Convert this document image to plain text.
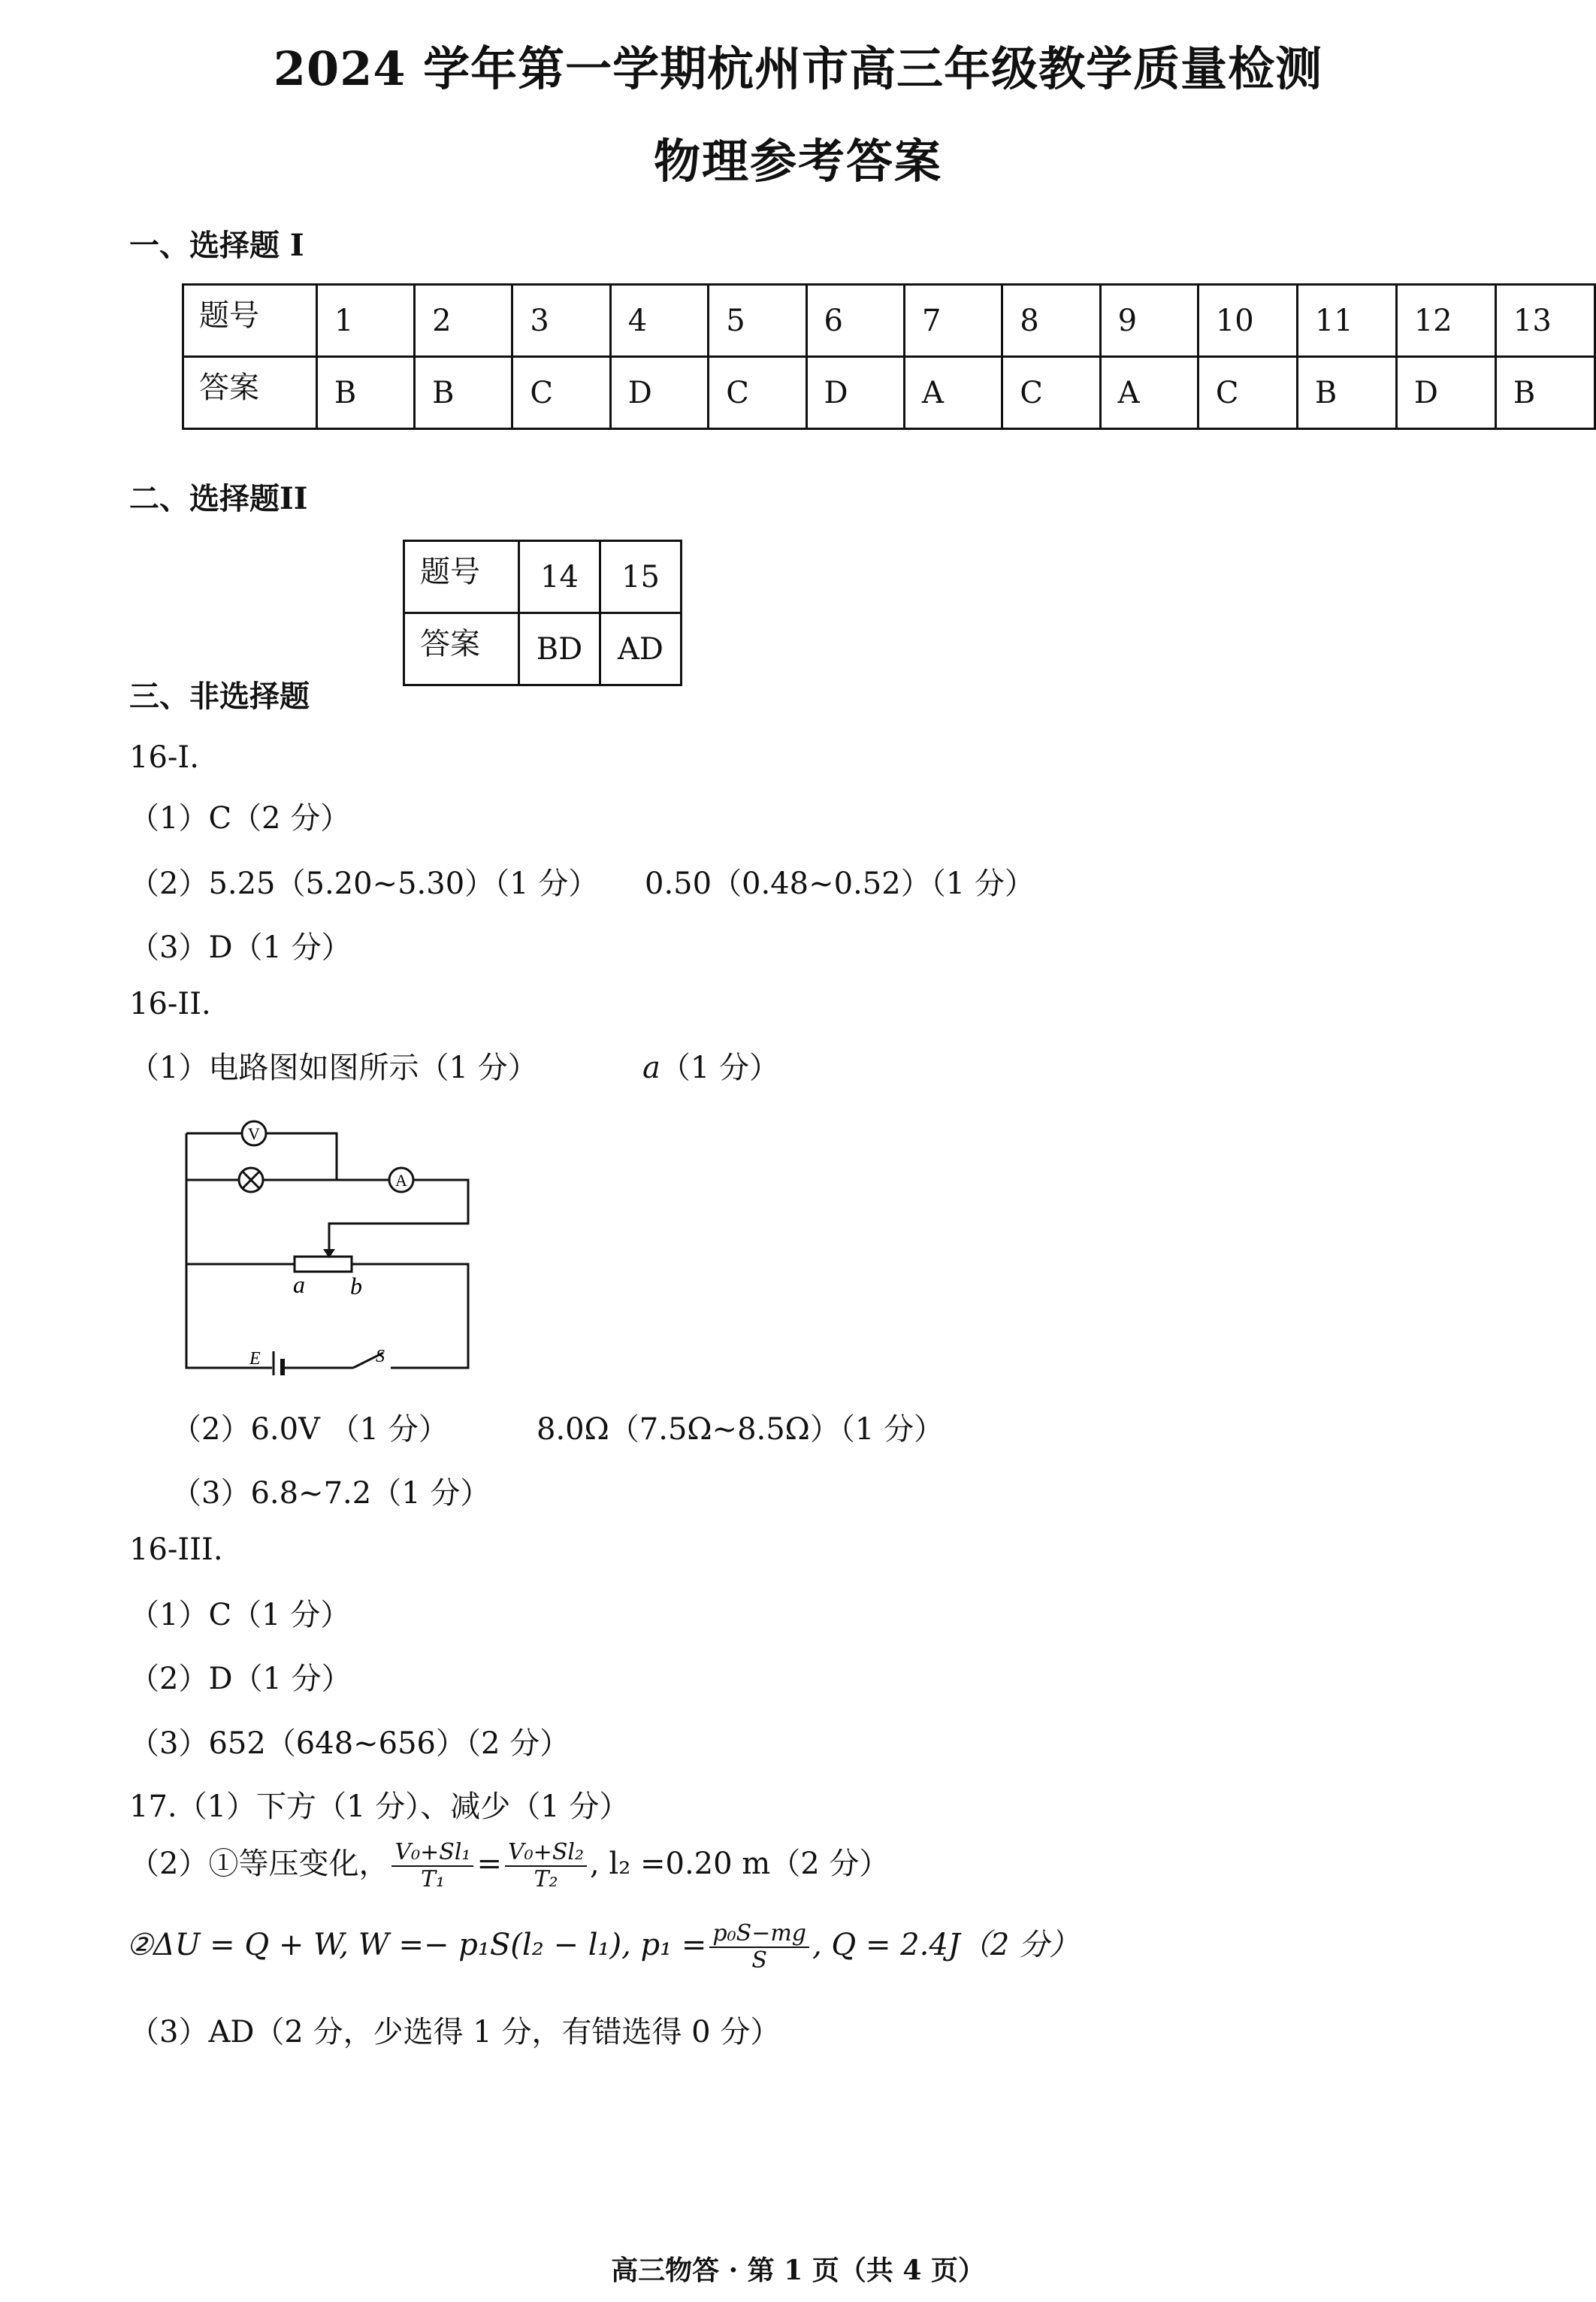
2024 学年第一学期杭州市高三年级教学质量检测
物理参考答案
一、选择题 I
题号	1	2	3	4	5	6	7	8	9	10	11	12	13
答案	B	B	C	D	C	D	A	C	A	C	B	D	B
二、选择题II
题号	14	15
答案	BD	AD
三、非选择题
16-I.
（1）C（2 分）
（2）5.25（5.20~5.30）（1 分） 0.50（0.48~0.52）（1 分）
（3）D（1 分）
16-II.
（1）电路图如图所示（1 分）	a（1 分）
V
A
a b
E	S
（2）6.0V （1 分）	8.0Ω（7.5Ω~8.5Ω）（1 分）
（3）6.8~7.2（1 分）
16-III.
（1）C（1 分）
（2）D（1 分）
（3）652（648~656）（2 分）
17.（1）下方（1 分）、减少（1 分）
（2）①等压变化， $\frac{\text{V₀+Sl₁}}{\text{T₁}} = \frac{\text{V₀+Sl₂}}{\text{T₂}}$ , l₂ =0.20 m（2 分）
②ΔU = Q + W, W =− p₁S(l₂ − l₁), $p_1 = \frac{\text{p₀S−mg}}{S}$ , Q = 2.4J（2 分）
（3）AD（2 分，少选得 1 分，有错选得 0 分）
高三物答 · 第 1 页（共 4 页）
